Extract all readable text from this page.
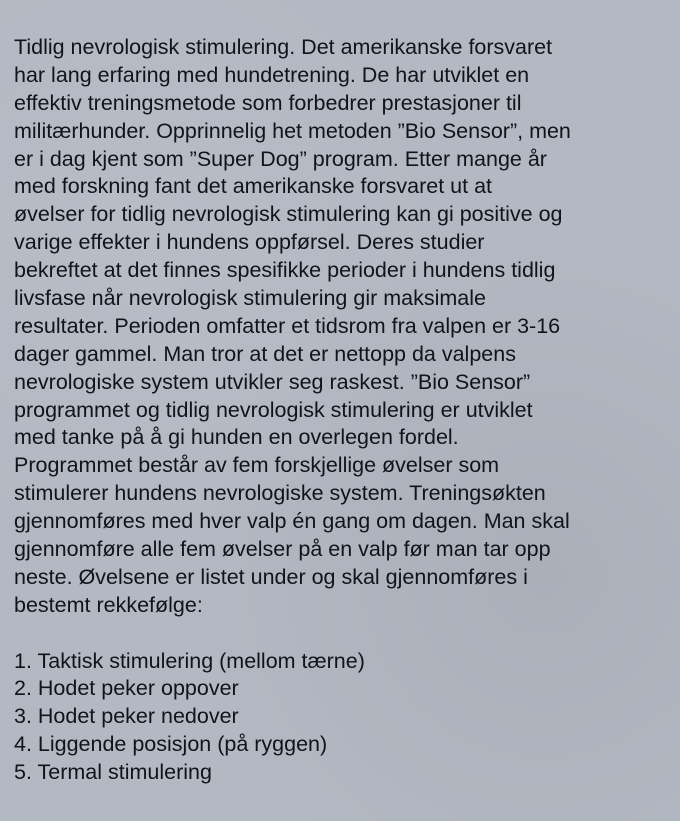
Tidlig nevrologisk stimulering. Det amerikanske forsvaret
har lang erfaring med hundetrening. De har utviklet en
effektiv treningsmetode som forbedrer prestasjoner til
militærhunder. Opprinnelig het metoden ”Bio Sensor”, men
er i dag kjent som ”Super Dog” program. Etter mange år
med forskning fant det amerikanske forsvaret ut at
øvelser for tidlig nevrologisk stimulering kan gi positive og
varige effekter i hundens oppførsel. Deres studier
bekreftet at det finnes spesifikke perioder i hundens tidlig
livsfase når nevrologisk stimulering gir maksimale
resultater. Perioden omfatter et tidsrom fra valpen er 3-16
dager gammel. Man tror at det er nettopp da valpens
nevrologiske system utvikler seg raskest. ”Bio Sensor”
programmet og tidlig nevrologisk stimulering er utviklet
med tanke på å gi hunden en overlegen fordel.
Programmet består av fem forskjellige øvelser som
stimulerer hundens nevrologiske system. Treningsøkten
gjennomføres med hver valp én gang om dagen. Man skal
gjennomføre alle fem øvelser på en valp før man tar opp
neste. Øvelsene er listet under og skal gjennomføres i
bestemt rekkefølge:
1. Taktisk stimulering (mellom tærne)
2. Hodet peker oppover
3. Hodet peker nedover
4. Liggende posisjon (på ryggen)
5. Termal stimulering
